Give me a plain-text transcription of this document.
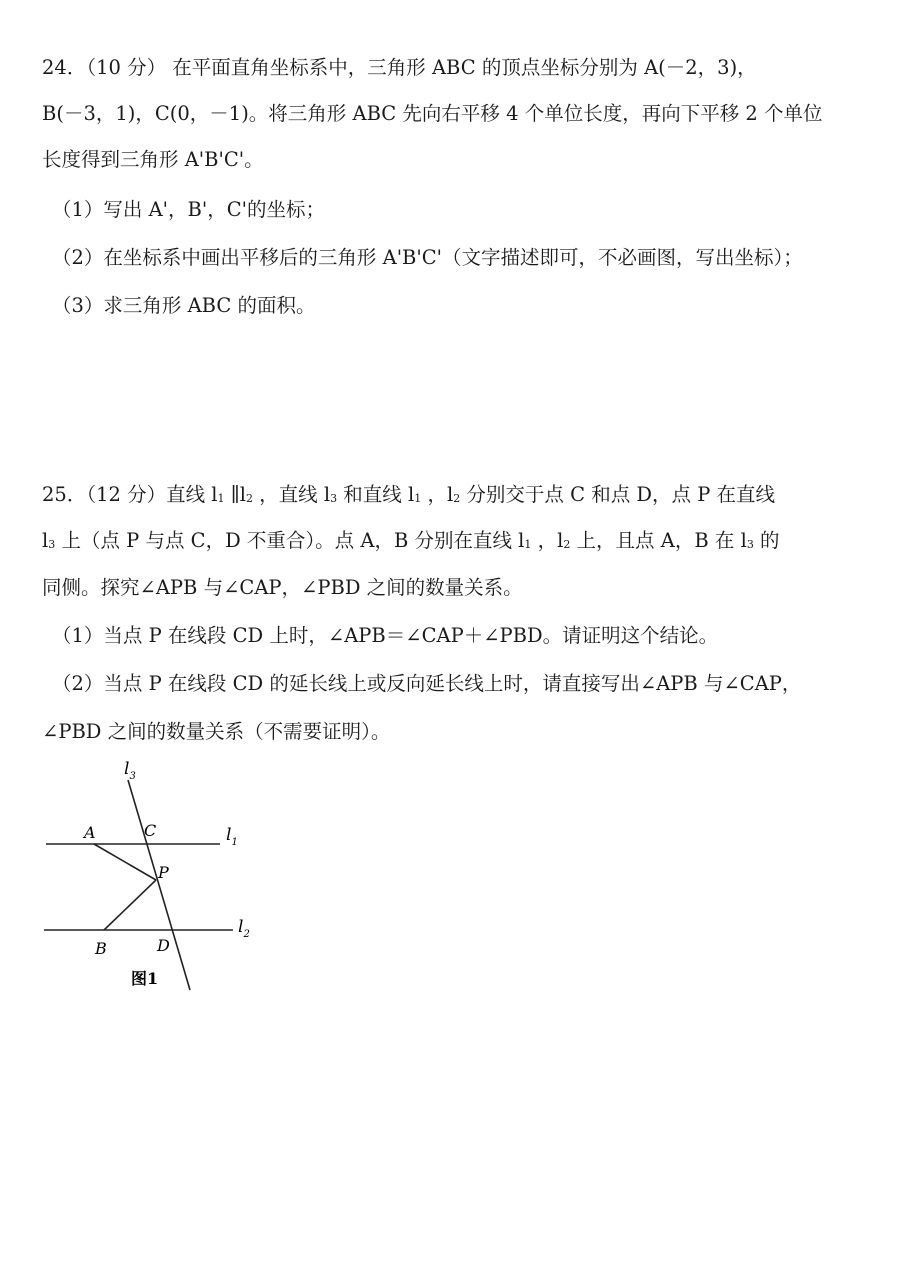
24．（10 分） 在平面直角坐标系中，三角形 ABC 的顶点坐标分别为 A(－2，3)，
B(－3，1)，C(0，－1)。将三角形 ABC 先向右平移 4 个单位长度，再向下平移 2 个单位
长度得到三角形 A'B'C'。
（1）写出 A'，B'，C'的坐标；
（2）在坐标系中画出平移后的三角形 A'B'C'（文字描述即可，不必画图，写出坐标）；
（3）求三角形 ABC 的面积。
25．（12 分）直线 l1 ∥l2 ，直线 l3 和直线 l1 ，l2 分别交于点 C 和点 D，点 P 在直线
l3 上（点 P 与点 C，D 不重合）。点 A，B 分别在直线 l1 ，l2 上，且点 A，B 在 l3 的
同侧。探究∠APB 与∠CAP，∠PBD 之间的数量关系。
（1）当点 P 在线段 CD 上时，∠APB＝∠CAP＋∠PBD。请证明这个结论。
（2）当点 P 在线段 CD 的延长线上或反向延长线上时，请直接写出∠APB 与∠CAP，
∠PBD 之间的数量关系（不需要证明）。
$l_3$
$l_1$
$l_2$
A	C
P
B	D
图1
